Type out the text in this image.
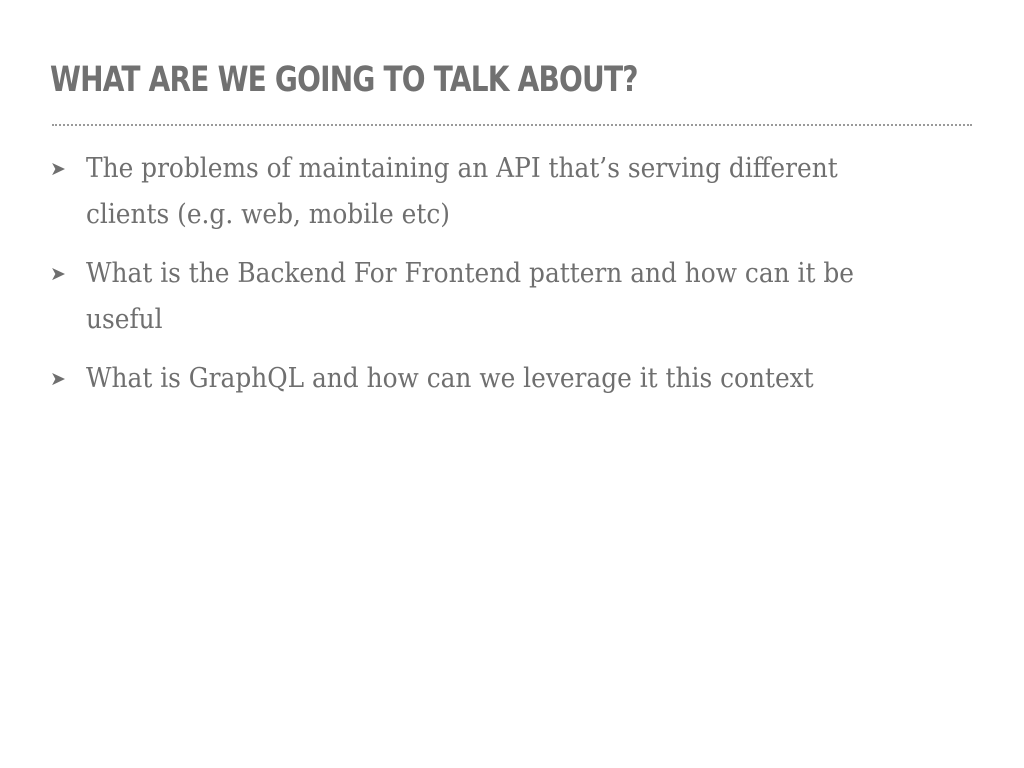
WHAT ARE WE GOING TO TALK ABOUT?
➤ The problems of maintaining an API that’s serving different
clients (e.g. web, mobile etc)
➤ What is the Backend For Frontend pattern and how can it be
useful
➤ What is GraphQL and how can we leverage it this context
